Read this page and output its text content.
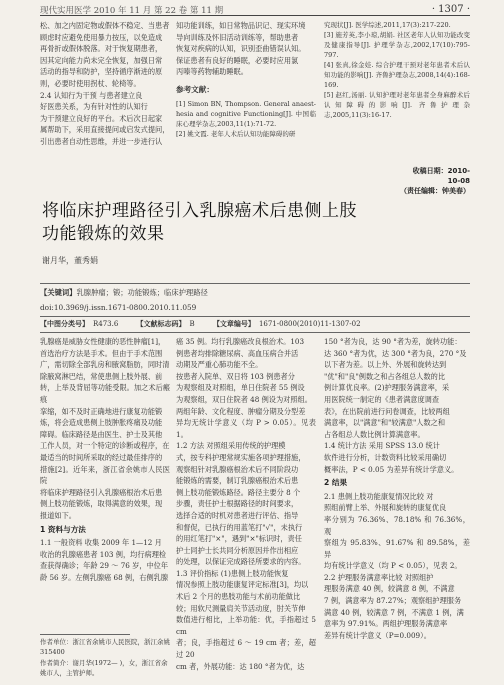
现代实用医学 2010 年 11 月 第 22 卷 第 11 期	· 1307 ·

松、加之内固定物或假体不稳定、当患者

顾虑时应避免使用暴力按压，以免造成

再骨折或假体脱落。对于恢复期患者，

因其定向能力尚未完全恢复，加强日常

活动的指导和防护，坚持循序渐进的原

则，必要时使用拐杖、轮椅等。

2.4 认知行为干预 与患者建立良

好医患关系，为有针对性的认知行

为干预建立良好的平台。术后次日起家

属帮助下，采用直接提问或启发式提问，

引出患者自动性思维，并进一步进行认

知功能训练，如日常物品识记、现实环境

导向训练及怀旧活动训练等，帮助患者

恢复对疾病的认知，识别歪曲错误认知。

保证患者有良好的睡眠，必要时应用氯

丙嗪等药物辅助睡眠。

参考文献：

[1] Simon BN, Thompson. General anaest-hesia and cognitive Functioning[J]. 中国临床心理学杂志,2003,11(1):71-72.

[2] 姚文霞. 老年人术后认知功能障碍的研

究现状[J]. 医学综述,2011,17(3):217-220.

[3] 施芳英,李小琼,胡娟. 社区老年人认知功能改变及健康指导[J]. 护理学杂志,2002,17(10):795-797.

[4] 张真,徐金娃. 综合护理干预对老年患者术后认知功能的影响[J]. 齐鲁护理杂志,2008,14(4):168-169.

[5] 赵红,汤丽. 认知护理对老年患者全身麻醉术后认知障碍的影响[J]. 齐鲁护理杂志,2005,11(3):16-17.

收稿日期：2010-10-08
（责任编辑：钟美春）
将临床护理路径引入乳腺癌术后患侧上肢
功能锻炼的效果
谢月华，董秀娟
【关键词】乳腺肿瘤；锻；功能锻炼；临床护理路径
doi:10.3969/j.issn.1671-0800.2010.11.059
【中图分类号】 R473.6	【文献标志码】 B	【文章编号】 1671-0800(2010)11-1307-02

乳腺癌是威胁女性健康的恶性肿瘤[1]，

首选治疗方法是手术。但由于手术范围

广，需切除全部乳房和腋窝脂肪，同时清

除腋窝淋巴结，常使患侧上肢外展、前

转，上举及背屈等功能受限。加之术后瘢痕

挛缩，如不及时正确地进行康复功能锻

炼，将会造成患侧上肢肿胀疼痛及功能

障碍。临床路径是由医生、护士及其他

工作人员，对一个特定的诊断或程序，在

最适当的时间所采取的经过最佳排序的

措施[2]。近年来，浙江省余姚市人民医院

将临床护理路径引入乳腺癌根治术后患

侧上肢功能锻炼，取得满意的效果，现

报道如下。

1 资料与方法

1.1 一般资料 收集 2009 年 1—12 月

收治的乳腺癌患者 103 例，均行病理检

查获得确诊；年龄 29 ～ 76 岁，中位年

龄 56 岁。左侧乳腺癌 68 例，右侧乳腺

作者单位：浙江省余姚市人民医院，浙江余姚 315400
作者简介：谢月华(1972— )，女，浙江省余姚市人，主管护师。

癌 35 例。均行乳腺癌改良根治术。103

例患者均排除糖尿病、高血压病合并活

动期及严重心肺功能不全。

按患者入院单、双日将 103 例患者分

为观察组及对照组，单日住院者 55 例设

为观察组，双日住院者 48 例设为对照组。

两组年龄、文化程度、肿瘤分期及分型差

异均无统计学意义（均 P > 0.05）。见表 1。

1.2 方法 对照组采用传统的护理模

式，按专科护理常规实施各项护理措施，

观察组针对乳腺癌根治术后不同阶段功

能锻炼的需要，制订乳腺癌根治术后患

侧上肢功能锻炼路径。路径主要分 8 个

步骤，责任护士根据路径的时间要求，

选择合适的时机对患者进行评估、指导

和督促，已执行的用蓝笔打"√"，未执行

的用红笔打"×"，遇到"×"标识时，责任

护士同护士长共同分析原因并作出相应

的处理，以保证完成路径所要求的内容。

1.3 评价指标 (1)患侧上肢功能恢复

情况参照上肢功能康复评定标准[3]，均以

术后 2 个月的患肢功能与术前功能做比

较；用软尺测量肩关节活动度，肘关节伸

数值进行相比，上举功能：优，手指超过 5 cm

者；良，手指超过 6 ～ 19 cm 者；差，超过 20

cm 者，外展功能：达 180 °者为优，达

150 °者为良，达 90 °者为差，旋转功能：

达 360 °者为优，达 300 °者为良，270 °及

以下者为差。以上外、外展和旋转达到

"优"和"良"例数之和占各组总人数的比

例计算优良率。(2)护理服务满意率，采

用医院统一制定的《患者满意度调查

表》，在出院前进行问卷调查，比较两组

满意率，以"满意"和"较满意"人数之和

占各组总人数比例计算满意率。

1.4 统计方法 采用 SPSS 13.0 统计

软件进行分析，计数资料比较采用确切

概率法，P < 0.05 为差异有统计学意义。

2 结果

2.1 患侧上肢功能康复情况比较 对

照组前臂上举、外展和旋转的康复优良

率分别为 76.36%、78.18% 和 76.36%，观

察组为 95.83%、91.67% 和 89.58%，差异

均有统计学意义（均 P < 0.05），见表 2。

2.2 护理服务满意率比较 对照组护

理服务满意 40 例，较满意 8 例，不满意

7 例，满意率为 87.27%；观察组护理服务

满意 40 例，较满意 7 例，不满意 1 例，满

意率为 97.91%。两组护理服务满意率

差异有统计学意义（P=0.009）。
